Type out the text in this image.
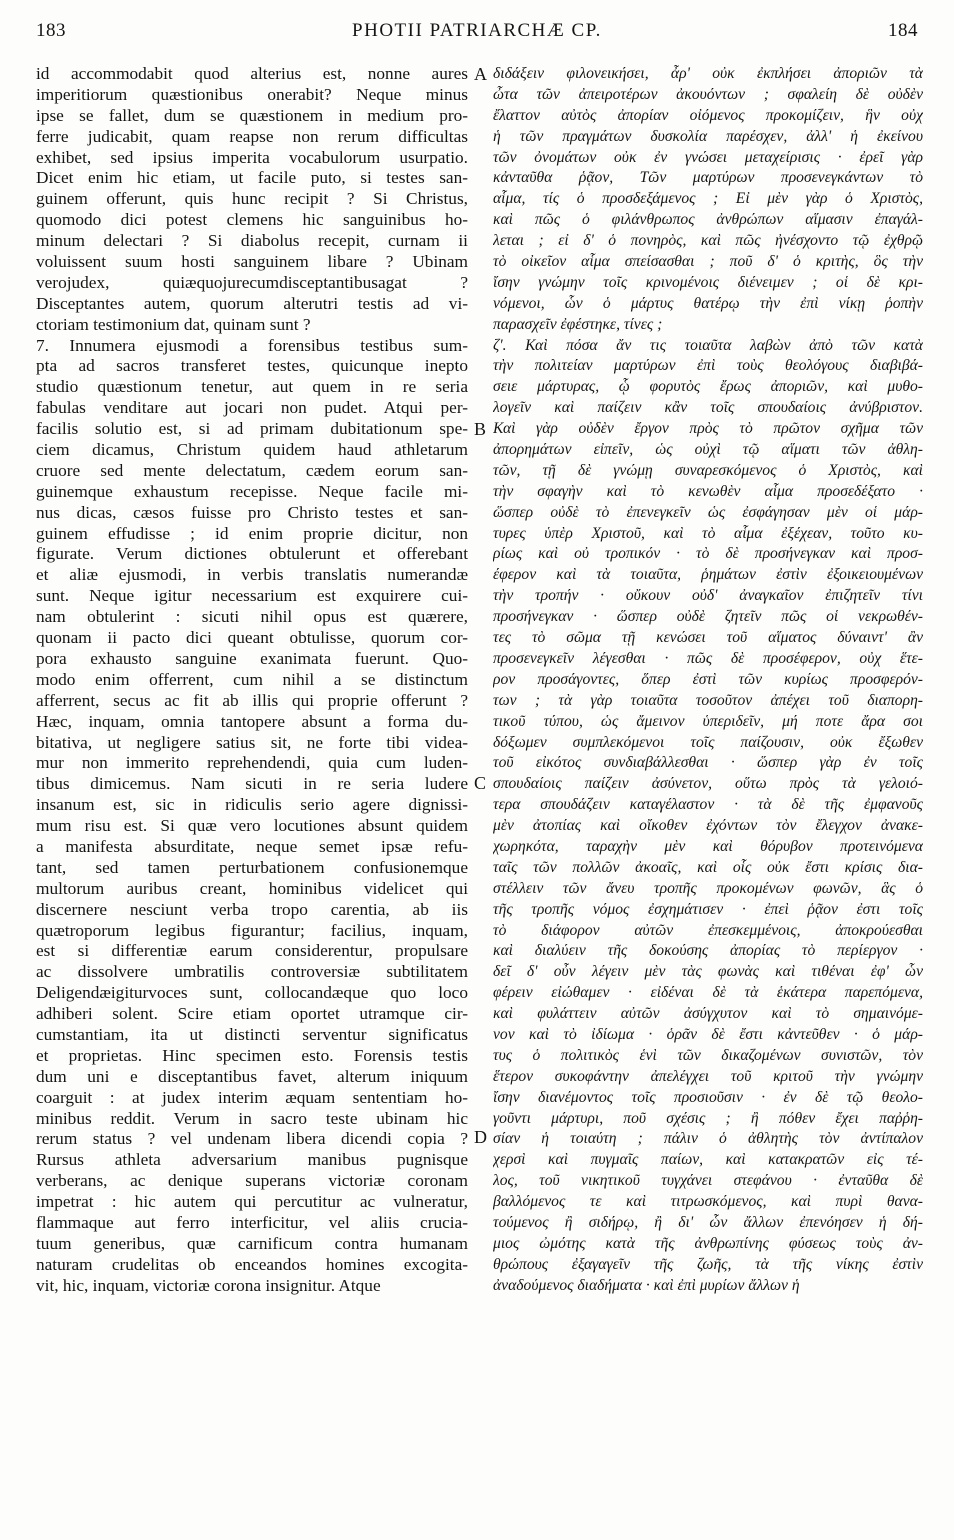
183	PHOTII PATRIARCHÆ CP.	184
id accommodabit quod alterius est, nonne aures
imperitiorum quæstionibus onerabit? Neque minus
ipse se fallet, dum se quæstionem in medium pro-
ferre judicabit, quam reapse non rerum difficultas
exhibet, sed ipsius imperita vocabulorum usurpatio.
Dicet enim hic etiam, ut facile puto, si testes san-
guinem offerunt, quis hunc recipit ? Si Christus,
quomodo dici potest clemens hic sanguinibus ho-
minum delectari ? Si diabolus recepit, curnam ii
voluissent suum hosti sanguinem libare ? Ubinam
verojudex, quiæquojurecumdisceptantibusagat ?
Disceptantes autem, quorum alterutri testis ad vi-
ctoriam testimonium dat, quinam sunt ?
7. Innumera ejusmodi a forensibus testibus sum-
pta ad sacros transferet testes, quicunque inepto
studio quæstionum tenetur, aut quem in re seria
fabulas venditare aut jocari non pudet. Atqui per-
facilis solutio est, si ad primam dubitationum spe-
ciem dicamus, Christum quidem haud athletarum
cruore sed mente delectatum, cædem eorum san-
guinemque exhaustum recepisse. Neque facile mi-
nus dicas, cæsos fuisse pro Christo testes et san-
guinem effudisse ; id enim proprie dicitur, non
figurate. Verum dictiones obtulerunt et offerebant
et aliæ ejusmodi, in verbis translatis numerandæ
sunt. Neque igitur necessarium est exquirere cui-
nam obtulerint : sicuti nihil opus est quærere,
quonam ii pacto dici queant obtulisse, quorum cor-
pora exhausto sanguine exanimata fuerunt. Quo-
modo enim offerrent, cum nihil a se distinctum
afferrent, secus ac fit ab illis qui proprie offerunt ?
Hæc, inquam, omnia tantopere absunt a forma du-
bitativa, ut negligere satius sit, ne forte tibi videa-
mur non immerito reprehendendi, quia cum luden-
tibus dimicemus. Nam sicuti in re seria ludere
insanum est, sic in ridiculis serio agere dignissi-
mum risu est. Si quæ vero locutiones absunt quidem
a manifesta absurditate, neque semet ipsæ refu-
tant, sed tamen perturbationem confusionemque
multorum auribus creant, hominibus videlicet qui
discernere nesciunt verba tropo carentia, ab iis
quætroporum legibus figurantur; facilius, inquam,
est si differentiæ earum considerentur, propulsare
ac dissolvere umbratilis controversiæ subtilitatem
Deligendæigiturvoces sunt, collocandæque quo loco
adhiberi solent. Scire etiam oportet utramque cir-
cumstantiam, ita ut distincti serventur significatus
et proprietas. Hinc specimen esto. Forensis testis
dum uni e disceptantibus favet, alterum iniquum
coarguit : at judex interim æquam sententiam ho-
minibus reddit. Verum in sacro teste ubinam hic
rerum status ? vel undenam libera dicendi copia ?
Rursus athleta adversarium manibus pugnisque
verberans, ac denique superans victoriæ coronam
impetrat : hic autem qui percutitur ac vulneratur,
flammaque aut ferro interficitur, vel aliis crucia-
tuum generibus, quæ carnificum contra humanam
naturam crudelitas ob enceandos homines excogita-
vit, hic, inquam, victoriæ corona insignitur. Atque
διδάξειν φιλονεικήσει, ἆρ' οὐκ ἐκπλήσει ἀποριῶν τὰ
ὦτα τῶν ἀπειροτέρων ἀκουόντων ; σφαλείη δὲ οὐδὲν
ἔλαττον αὐτὸς ἀπορίαν οἰόμενος προκομίζειν, ἣν οὐχ
ἡ τῶν πραγμάτων δυσκολία παρέσχεν, ἀλλ' ἡ ἐκείνου
τῶν ὀνομάτων οὐκ ἐν γνώσει μεταχείρισις · ἐρεῖ γὰρ
κἀνταῦθα ῥᾷον, Τῶν μαρτύρων προσενεγκάντων τὸ
αἷμα, τίς ὁ προσδεξάμενος ; Εἰ μὲν γὰρ ὁ Χριστὸς,
καὶ πῶς ὁ φιλάνθρωπος ἀνθρώπων αἵμασιν ἐπαγάλ-
λεται ; εἰ δ' ὁ πονηρὸς, καὶ πῶς ἠνέσχοντο τῷ ἐχθρῷ
τὸ οἰκεῖον αἷμα σπείσασθαι ; ποῦ δ' ὁ κριτὴς, ὃς τὴν
ἴσην γνώμην τοῖς κρινομένοις διένειμεν ; οἱ δὲ κρι-
νόμενοι, ὧν ὁ μάρτυς θατέρῳ τὴν ἐπὶ νίκῃ ῥοπὴν
παρασχεῖν ἐφέστηκε, τίνες ;
ζ'. Καὶ πόσα ἄν τις τοιαῦτα λαβὼν ἀπὸ τῶν κατὰ
τὴν πολιτείαν μαρτύρων ἐπὶ τοὺς θεολόγους διαβιβά-
σειε μάρτυρας, ᾧ φορυτὸς ἔρως ἀποριῶν, καὶ μυθο-
λογεῖν καὶ παίζειν κἂν τοῖς σπουδαίοις ἀνύβριστον.
Καὶ γὰρ οὐδὲν ἔργον πρὸς τὸ πρῶτον σχῆμα τῶν
ἀπορημάτων εἰπεῖν, ὡς οὐχὶ τῷ αἵματι τῶν ἀθλη-
τῶν, τῇ δὲ γνώμῃ συναρεσκόμενος ὁ Χριστὸς, καὶ
τὴν σφαγὴν καὶ τὸ κενωθὲν αἷμα προσεδέξατο ·
ὥσπερ οὐδὲ τὸ ἐπενεγκεῖν ὡς ἐσφάγησαν μὲν οἱ μάρ-
τυρες ὑπὲρ Χριστοῦ, καὶ τὸ αἷμα ἐξέχεαν, τοῦτο κυ-
ρίως καὶ οὐ τροπικόν · τὸ δὲ προσήνεγκαν καὶ προσ-
έφερον καὶ τὰ τοιαῦτα, ῥημάτων ἐστὶν ἐξοικειουμένων
τὴν τροπήν · οὔκουν οὐδ' ἀναγκαῖον ἐπιζητεῖν τίνι
προσήνεγκαν · ὥσπερ οὐδὲ ζητεῖν πῶς οἱ νεκρωθέν-
τες τὸ σῶμα τῇ κενώσει τοῦ αἵματος δύναιντ' ἂν
προσενεγκεῖν λέγεσθαι · πῶς δὲ προσέφερον, οὐχ ἕτε-
ρον προσάγοντες, ὅπερ ἐστὶ τῶν κυρίως προσφερόν-
των ; τὰ γὰρ τοιαῦτα τοσοῦτον ἀπέχει τοῦ διαπορη-
τικοῦ τύπου, ὡς ἄμεινον ὑπεριδεῖν, μή ποτε ἄρα σοι
δόξωμεν συμπλεκόμενοι τοῖς παίζουσιν, οὐκ ἔξωθεν
τοῦ εἰκότος συνδιαβάλλεσθαι · ὥσπερ γὰρ ἐν τοῖς
σπουδαίοις παίζειν ἀσύνετον, οὕτω πρὸς τὰ γελοιό-
τερα σπουδάζειν καταγέλαστον · τὰ δὲ τῆς ἐμφανοῦς
μὲν ἀτοπίας καὶ οἴκοθεν ἐχόντων τὸν ἔλεγχον ἀνακε-
χωρηκότα, ταραχὴν μὲν καὶ θόρυβον προτεινόμενα
ταῖς τῶν πολλῶν ἀκοαῖς, καὶ οἷς οὐκ ἔστι κρίσις δια-
στέλλειν τῶν ἄνευ τροπῆς προκομένων φωνῶν, ἃς ὁ
τῆς τροπῆς νόμος ἐσχημάτισεν · ἐπεὶ ῥᾷον ἐστι τοῖς
τὸ διάφορον αὐτῶν ἐπεσκεμμένοις, ἀποκρούεσθαι
καὶ διαλύειν τῆς δοκούσης ἀπορίας τὸ περίεργον ·
δεῖ δ' οὖν λέγειν μὲν τὰς φωνὰς καὶ τιθέναι ἐφ' ὧν
φέρειν εἰώθαμεν · εἰδέναι δὲ τὰ ἑκάτερα παρεπόμενα,
καὶ φυλάττειν αὐτῶν ἀσύγχυτον καὶ τὸ σημαινόμε-
νον καὶ τὸ ἰδίωμα · ὁρᾶν δὲ ἔστι κἀντεῦθεν · ὁ μάρ-
τυς ὁ πολιτικὸς ἑνὶ τῶν δικαζομένων συνιστῶν, τὸν
ἕτερον συκοφάντην ἀπελέγχει τοῦ κριτοῦ τὴν γνώμην
ἴσην διανέμοντος τοῖς προσιοῦσιν · ἐν δὲ τῷ θεολο-
γοῦντι μάρτυρι, ποῦ σχέσις ; ἢ πόθεν ἔχει παῤῥη-
σίαν ἡ τοιαύτη ; πάλιν ὁ ἀθλητὴς τὸν ἀντίπαλον
χερσὶ καὶ πυγμαῖς παίων, καὶ κατακρατῶν εἰς τέ-
λος, τοῦ νικητικοῦ τυγχάνει στεφάνου · ἐνταῦθα δὲ
βαλλόμενος τε καὶ τιτρωσκόμενος, καὶ πυρὶ θανα-
τούμενος ἢ σιδήρῳ, ἢ δι' ὧν ἄλλων ἐπενόησεν ἡ δή-
μιος ὠμότης κατὰ τῆς ἀνθρωπίνης φύσεως τοὺς ἀν-
θρώπους ἐξαγαγεῖν τῆς ζωῆς, τὰ τῆς νίκης ἐστὶν
ἀναδούμενος διαδήματα · καὶ ἐπὶ μυρίων ἄλλων ἡ
A
B
C
D
